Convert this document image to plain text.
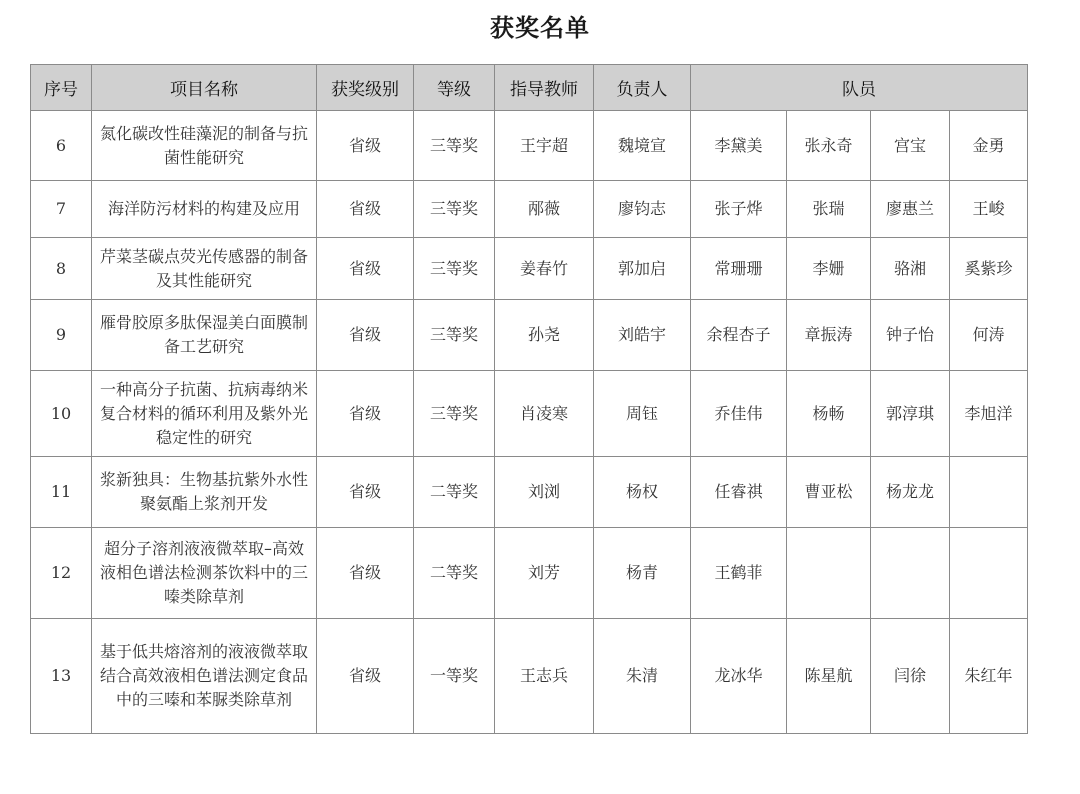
获奖名单
序号	项目名称	获奖级别	等级	指导教师	负责人	队员			
6	氮化碳改性硅藻泥的制备与抗菌性能研究	省级	三等奖	王宇超	魏境宣	李黛美	张永奇	宫宝	金勇
7	海洋防污材料的构建及应用	省级	三等奖	邴薇	廖钧志	张子烨	张瑞	廖惠兰	王峻
8	芹菜茎碳点荧光传感器的制备及其性能研究	省级	三等奖	姜春竹	郭加启	常珊珊	李姗	骆湘	奚紫珍
9	雁骨胶原多肽保湿美白面膜制备工艺研究	省级	三等奖	孙尧	刘皓宇	余程杏子	章振涛	钟子怡	何涛
10	一种高分子抗菌、抗病毒纳米复合材料的循环利用及紫外光稳定性的研究	省级	三等奖	肖凌寒	周钰	乔佳伟	杨畅	郭淳琪	李旭洋
11	浆新独具：生物基抗紫外水性聚氨酯上浆剂开发	省级	二等奖	刘浏	杨权	任睿祺	曹亚松	杨龙龙	
12	超分子溶剂液液微萃取–高效液相色谱法检测茶饮料中的三嗪类除草剂	省级	二等奖	刘芳	杨青	王鹤菲			
13	基于低共熔溶剂的液液微萃取结合高效液相色谱法测定食品中的三嗪和苯脲类除草剂	省级	一等奖	王志兵	朱清	龙冰华	陈星航	闫徐	朱红年
